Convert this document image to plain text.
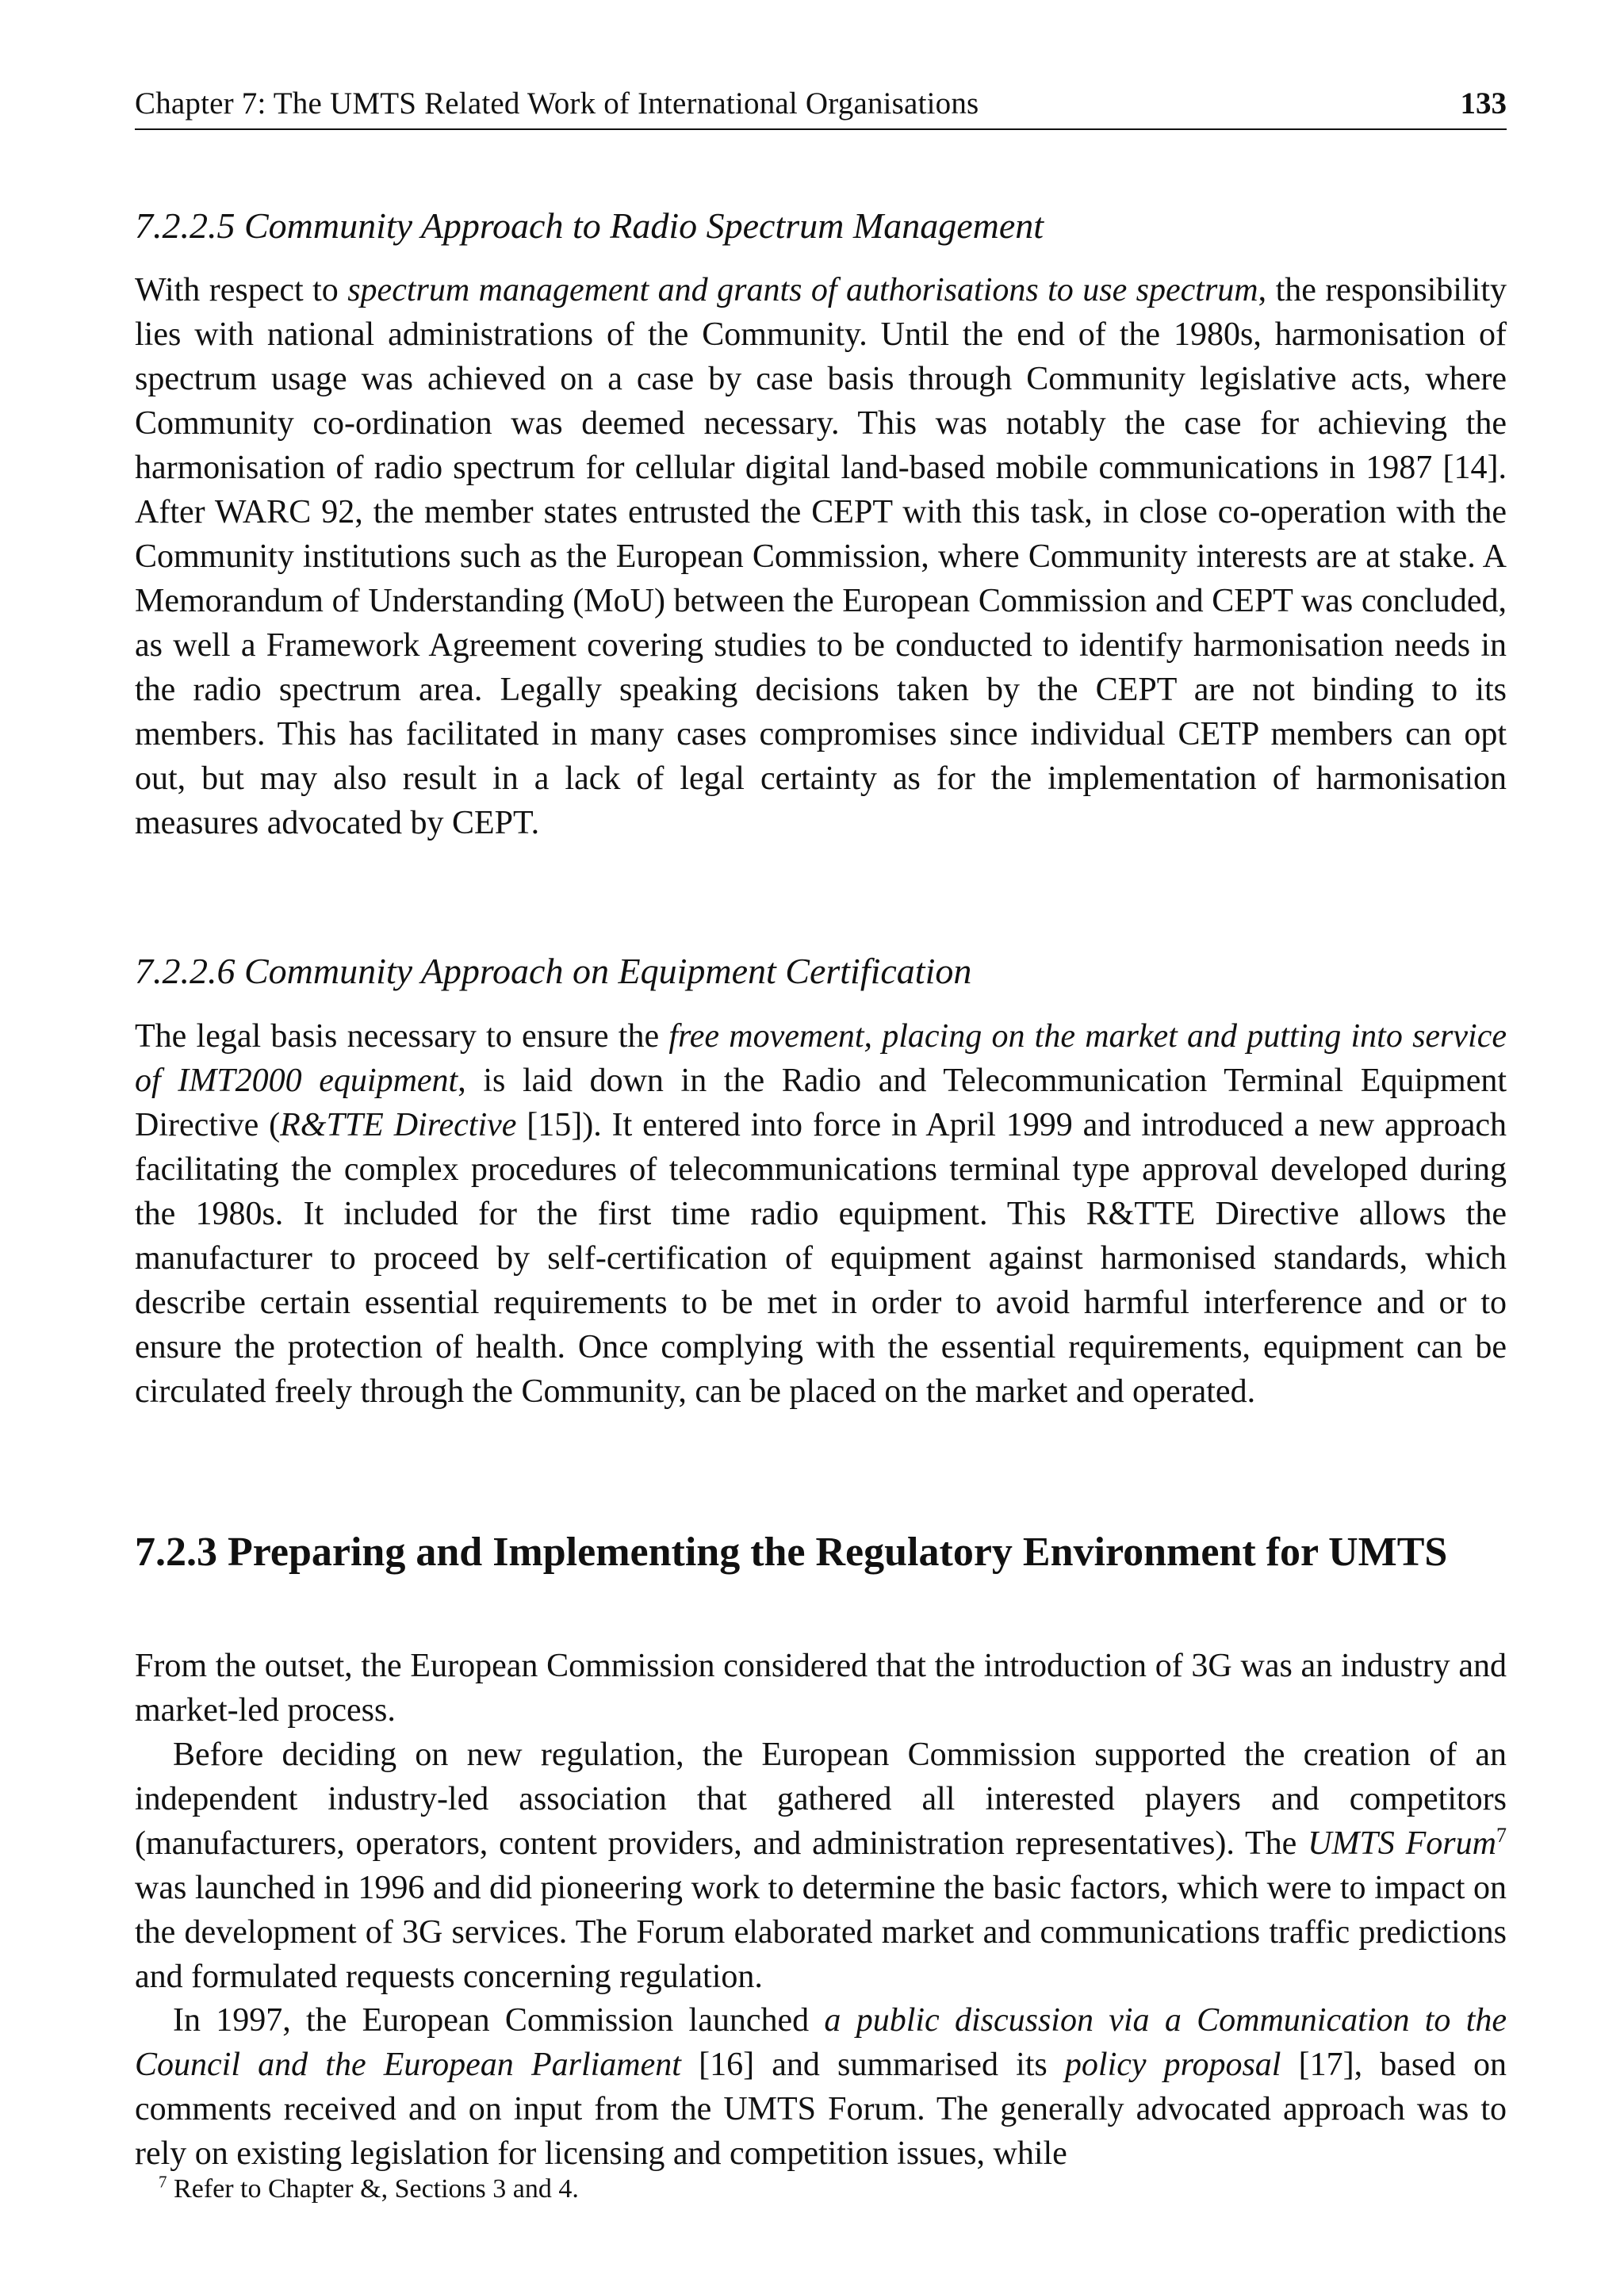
Chapter 7: The UMTS Related Work of International Organisations	133
7.2.2.5 Community Approach to Radio Spectrum Management

With respect to spectrum management and grants of authorisations to use spectrum, the responsibility lies with national administrations of the Community. Until the end of the 1980s, harmonisation of spectrum usage was achieved on a case by case basis through Community legislative acts, where Community co-ordination was deemed necessary. This was notably the case for achieving the harmonisation of radio spectrum for cellular digital land-based mobile communications in 1987 [14]. After WARC 92, the member states entrusted the CEPT with this task, in close co-operation with the Community institutions such as the European Commission, where Community interests are at stake. A Memorandum of Understanding (MoU) between the European Commission and CEPT was concluded, as well a Framework Agreement covering studies to be conducted to identify harmonisation needs in the radio spectrum area. Legally speaking decisions taken by the CEPT are not binding to its members. This has facilitated in many cases compromises since individual CETP members can opt out, but may also result in a lack of legal certainty as for the implementation of harmonisation measures advocated by CEPT.

7.2.2.6 Community Approach on Equipment Certification

The legal basis necessary to ensure the free movement, placing on the market and putting into service of IMT2000 equipment, is laid down in the Radio and Telecommunication Terminal Equipment Directive (R&TTE Directive [15]). It entered into force in April 1999 and introduced a new approach facilitating the complex procedures of telecommunications terminal type approval developed during the 1980s. It included for the first time radio equipment. This R&TTE Directive allows the manufacturer to proceed by self-certification of equipment against harmonised standards, which describe certain essential requirements to be met in order to avoid harmful interference and or to ensure the protection of health. Once complying with the essential requirements, equipment can be circulated freely through the Community, can be placed on the market and operated.

7.2.3 Preparing and Implementing the Regulatory Environment for UMTS

From the outset, the European Commission considered that the introduction of 3G was an industry and market-led process.

Before deciding on new regulation, the European Commission supported the creation of an independent industry-led association that gathered all interested players and competitors (manufacturers, operators, content providers, and administration representatives). The UMTS Forum$^7$ was launched in 1996 and did pioneering work to determine the basic factors, which were to impact on the development of 3G services. The Forum elaborated market and communications traffic predictions and formulated requests concerning regulation.

In 1997, the European Commission launched a public discussion via a Communication to the Council and the European Parliament [16] and summarised its policy proposal [17], based on comments received and on input from the UMTS Forum. The generally advocated approach was to rely on existing legislation for licensing and competition issues, while

$^7$ Refer to Chapter &, Sections 3 and 4.
